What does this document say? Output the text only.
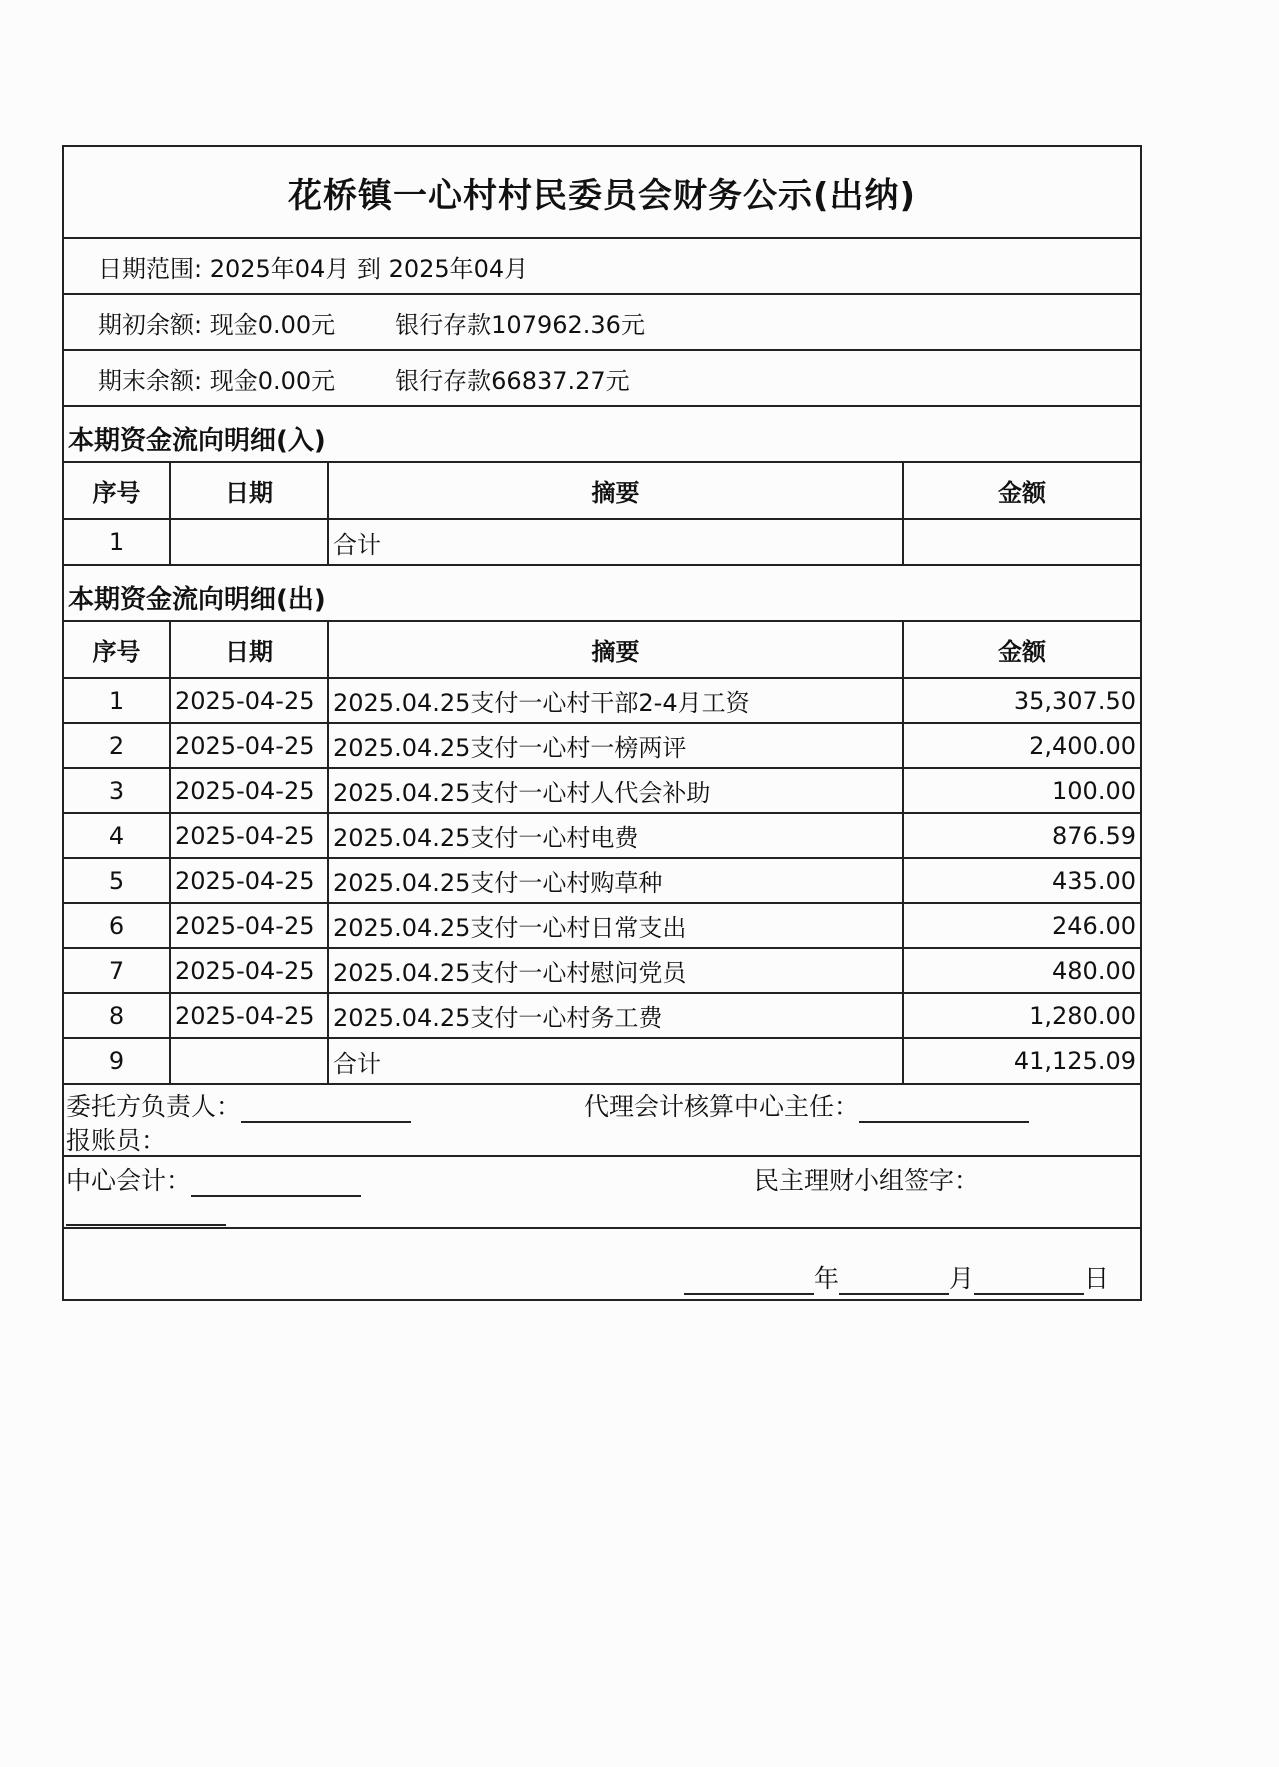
花桥镇一心村村民委员会财务公示(出纳)
日期范围: 2025年04月 到 2025年04月
期初余额: 现金0.00元	银行存款107962.36元
期末余额: 现金0.00元	银行存款66837.27元
本期资金流向明细(入)
序号	日期	摘要	金额
1		合计	
本期资金流向明细(出)
序号	日期	摘要	金额
1	2025-04-25	2025.04.25支付一心村干部2-4月工资	35,307.50
2	2025-04-25	2025.04.25支付一心村一榜两评	2,400.00
3	2025-04-25	2025.04.25支付一心村人代会补助	100.00
4	2025-04-25	2025.04.25支付一心村电费	876.59
5	2025-04-25	2025.04.25支付一心村购草种	435.00
6	2025-04-25	2025.04.25支付一心村日常支出	246.00
7	2025-04-25	2025.04.25支付一心村慰问党员	480.00
8	2025-04-25	2025.04.25支付一心村务工费	1,280.00
9		合计	41,125.09
委托方负责人：	代理会计核算中心主任：
报账员：
中心会计：	民主理财小组签字：
年	月	日
